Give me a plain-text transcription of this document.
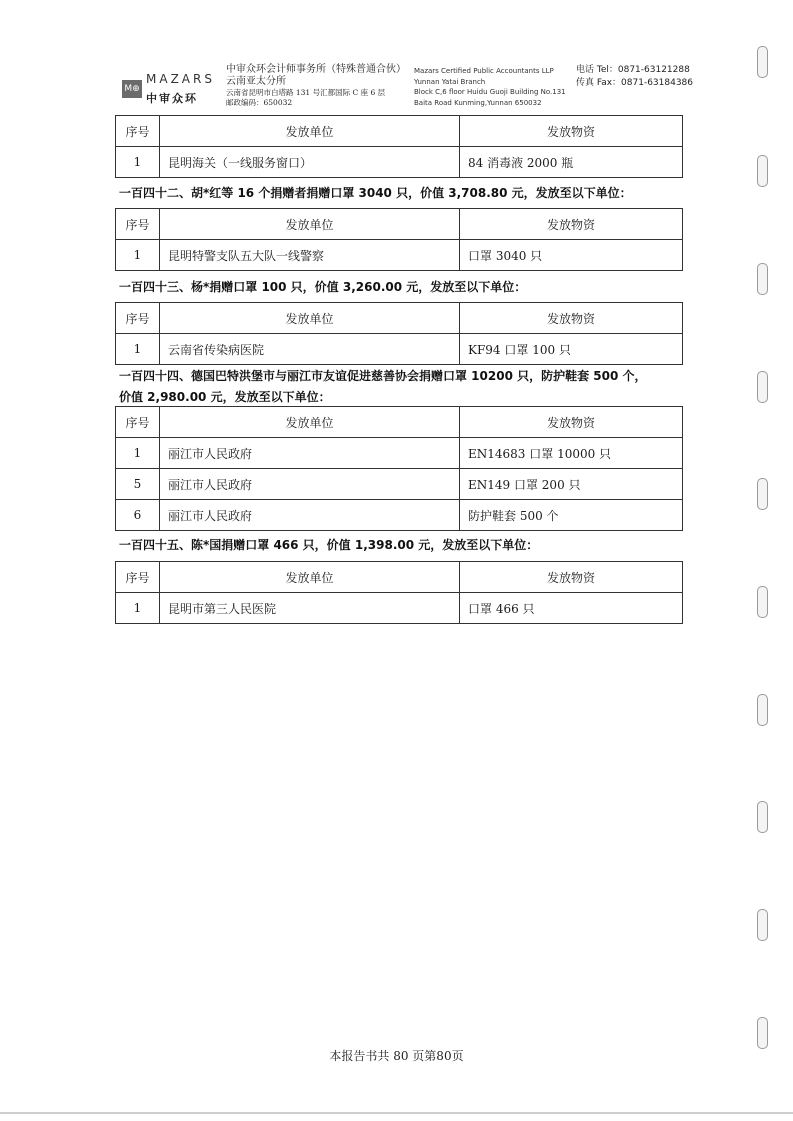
M⊕
MAZARS
中审众环
中审众环会计师事务所（特殊普通合伙）
云南亚太分所
云南省昆明市白塔路 131 号汇都国际 C 座 6 层
邮政编码：650032
Mazars Certified Public Accountants LLP
Yunnan Yatai Branch
Block C,6 floor Huidu Guoji Building No.131
Baita Road Kunming,Yunnan 650032
电话 Tel：0871-63121288
传真 Fax：0871-63184386
序号	发放单位	发放物资
1	昆明海关（一线服务窗口）	84 消毒液 2000 瓶
一百四十二、胡*红等 16 个捐赠者捐赠口罩 3040 只，价值 3,708.80 元，发放至以下单位：
序号	发放单位	发放物资
1	昆明特警支队五大队一线警察	口罩 3040 只
一百四十三、杨*捐赠口罩 100 只，价值 3,260.00 元，发放至以下单位：
序号	发放单位	发放物资
1	云南省传染病医院	KF94 口罩 100 只
一百四十四、德国巴特洪堡市与丽江市友谊促进慈善协会捐赠口罩 10200 只，防护鞋套 500 个，
价值 2,980.00 元，发放至以下单位：
序号	发放单位	发放物资
1	丽江市人民政府	EN14683 口罩 10000 只
5	丽江市人民政府	EN149 口罩 200 只
6	丽江市人民政府	防护鞋套 500 个
一百四十五、陈*国捐赠口罩 466 只，价值 1,398.00 元，发放至以下单位：
序号	发放单位	发放物资
1	昆明市第三人民医院	口罩 466 只
本报告书共 80 页第80页
